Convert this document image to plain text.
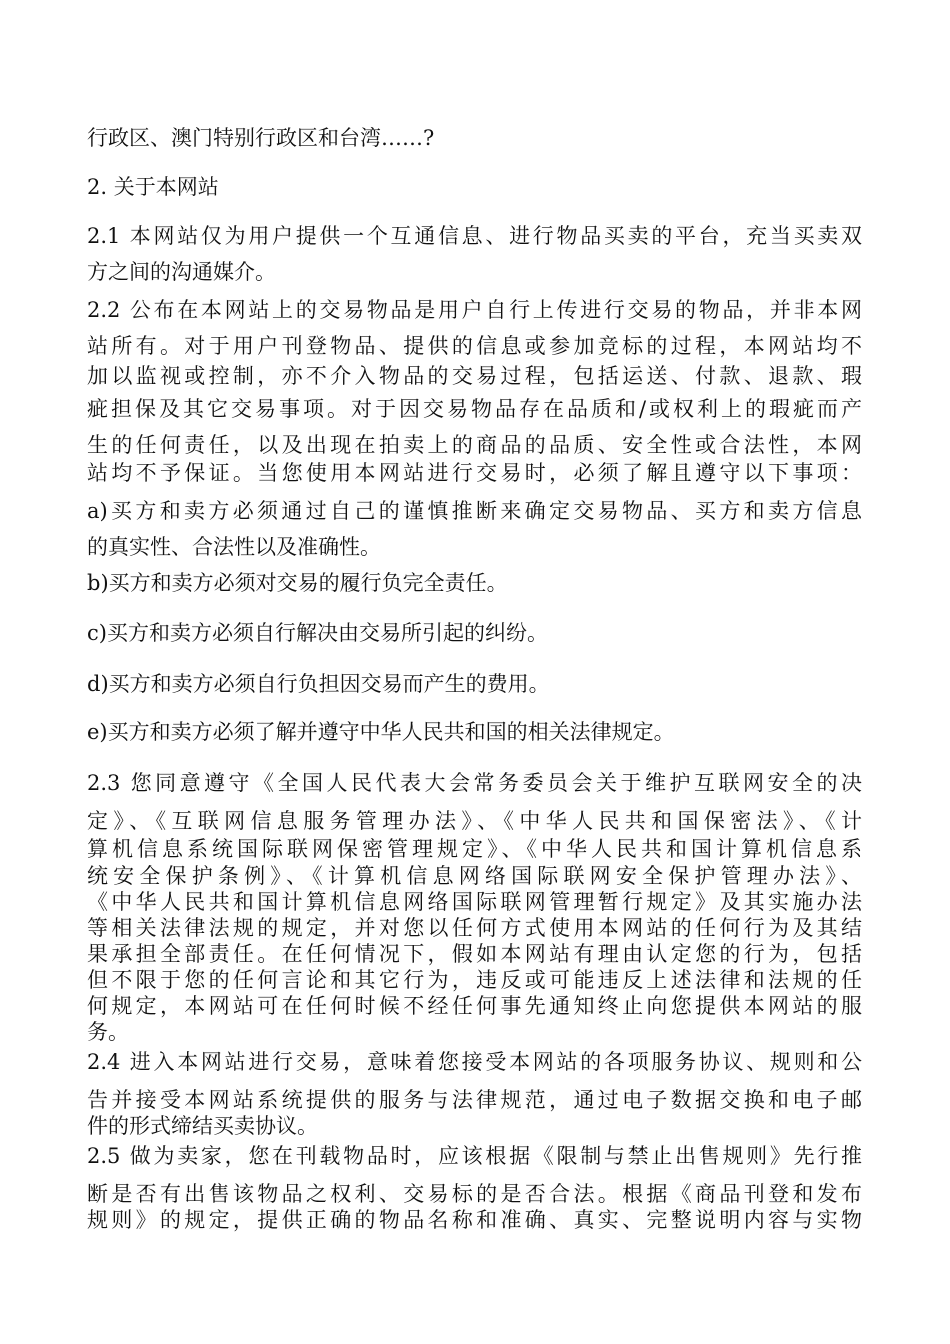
行政区、澳门特别行政区和台湾……?

2. 关于本网站

2.1 本网站仅为用户提供一个互通信息、进行物品买卖的平台，充当买卖双

方之间的沟通媒介。

2.2 公布在本网站上的交易物品是用户自行上传进行交易的物品，并非本网

站所有。对于用户刊登物品、提供的信息或参加竞标的过程，本网站均不

加以监视或控制，亦不介入物品的交易过程，包括运送、付款、退款、瑕

疵担保及其它交易事项。对于因交易物品存在品质和/或权利上的瑕疵而产

生的任何责任，以及出现在拍卖上的商品的品质、安全性或合法性，本网

站均不予保证。当您使用本网站进行交易时，必须了解且遵守以下事项：

a)买方和卖方必须通过自己的谨慎推断来确定交易物品、买方和卖方信息

的真实性、合法性以及准确性。

b)买方和卖方必须对交易的履行负完全责任。

c)买方和卖方必须自行解决由交易所引起的纠纷。

d)买方和卖方必须自行负担因交易而产生的费用。

e)买方和卖方必须了解并遵守中华人民共和国的相关法律规定。

2.3 您同意遵守《全国人民代表大会常务委员会关于维护互联网安全的决

定》、《互联网信息服务管理办法》、《中华人民共和国保密法》、《计

算机信息系统国际联网保密管理规定》、《中华人民共和国计算机信息系

统安全保护条例》、《计算机信息网络国际联网安全保护管理办法》、

《中华人民共和国计算机信息网络国际联网管理暂行规定》及其实施办法

等相关法律法规的规定，并对您以任何方式使用本网站的任何行为及其结

果承担全部责任。在任何情况下，假如本网站有理由认定您的行为，包括

但不限于您的任何言论和其它行为，违反或可能违反上述法律和法规的任

何规定，本网站可在任何时候不经任何事先通知终止向您提供本网站的服

务。

2.4 进入本网站进行交易，意味着您接受本网站的各项服务协议、规则和公

告并接受本网站系统提供的服务与法律规范，通过电子数据交换和电子邮

件的形式缔结买卖协议。

2.5 做为卖家，您在刊载物品时，应该根据《限制与禁止出售规则》先行推

断是否有出售该物品之权利、交易标的是否合法。根据《商品刊登和发布

规则》的规定，提供正确的物品名称和准确、真实、完整说明内容与实物
